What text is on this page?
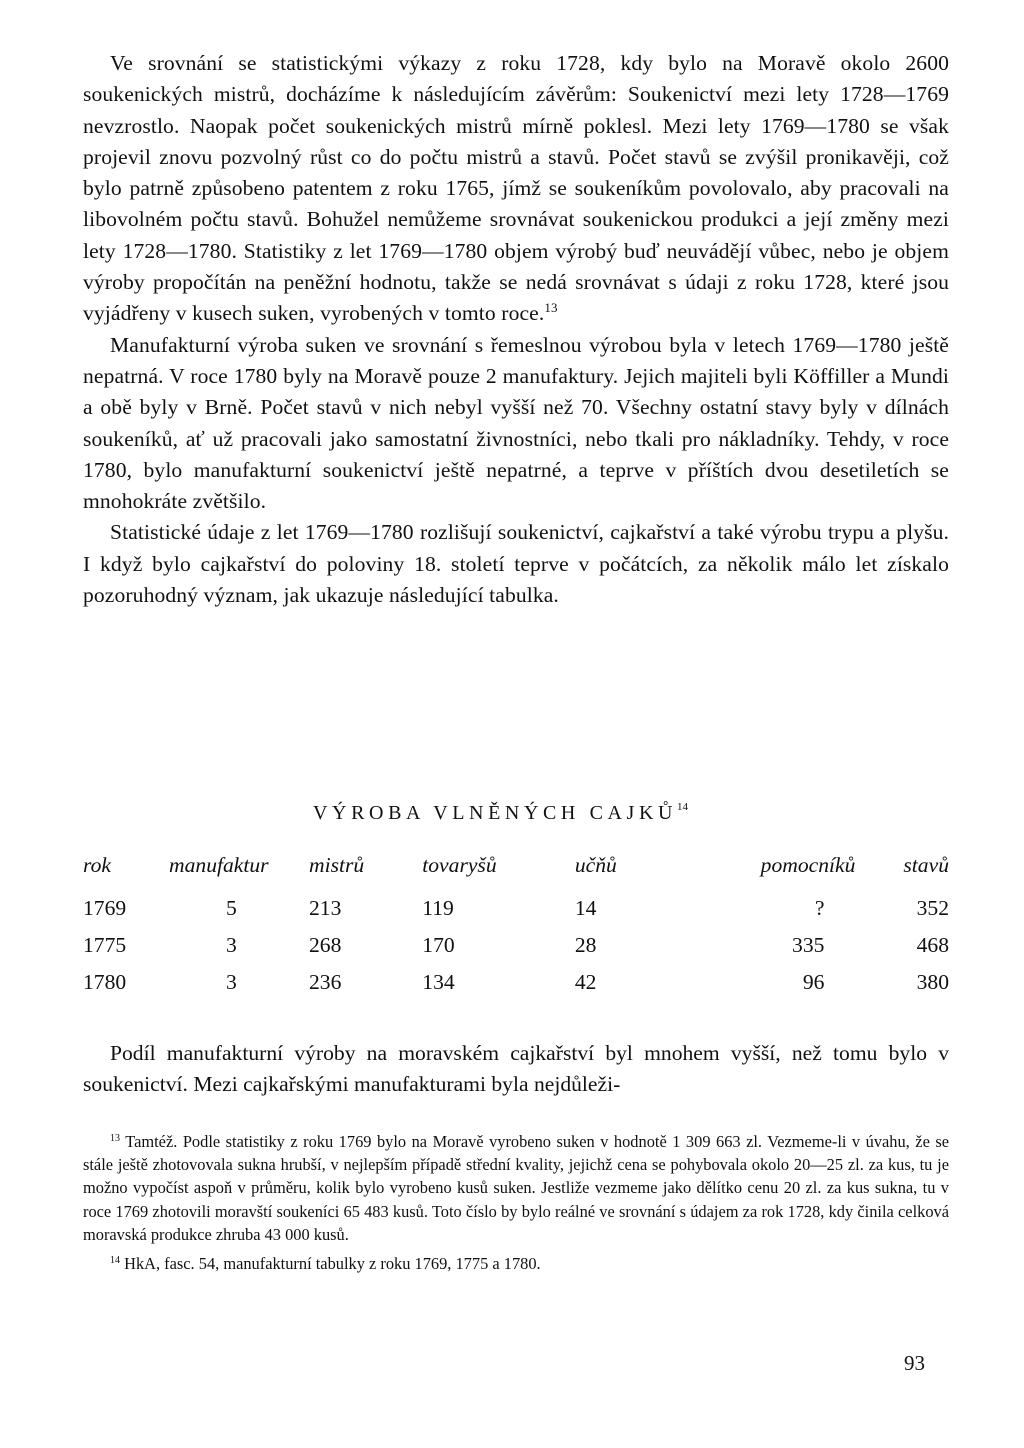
Ve srovnání se statistickými výkazy z roku 1728, kdy bylo na Moravě okolo 2600 soukenických mistrů, docházíme k následujícím závěrům: Soukenictví mezi lety 1728—1769 nevzrostlo. Naopak počet soukenických mistrů mírně poklesl. Mezi lety 1769—1780 se však projevil znovu pozvolný růst co do počtu mistrů a stavů. Počet stavů se zvýšil pronikavěji, což bylo patrně způsobeno patentem z roku 1765, jímž se soukeníkům povolovalo, aby pracovali na libovolném počtu stavů. Bohužel nemůžeme srovnávat soukenickou produkci a její změny mezi lety 1728—1780. Statistiky z let 1769—1780 objem výrobý buď neuvádějí vůbec, nebo je objem výroby propočítán na peněžní hodnotu, takže se nedá srovnávat s údaji z roku 1728, které jsou vyjádřeny v kusech suken, vyrobených v tomto roce.$^{13}$

Manufakturní výroba suken ve srovnání s řemeslnou výrobou byla v letech 1769—1780 ještě nepatrná. V roce 1780 byly na Moravě pouze 2 manufaktury. Jejich majiteli byli Köffiller a Mundi a obě byly v Brně. Počet stavů v nich nebyl vyšší než 70. Všechny ostatní stavy byly v dílnách soukeníků, ať už pracovali jako samostatní živnostníci, nebo tkali pro nákladníky. Tehdy, v roce 1780, bylo manufakturní soukenictví ještě nepatrné, a teprve v příštích dvou desetiletích se mnohokráte zvětšilo.

Statistické údaje z let 1769—1780 rozlišují soukenictví, cajkařství a také výrobu trypu a plyšu. I když bylo cajkařství do poloviny 18. století teprve v počátcích, za několik málo let získalo pozoruhodný význam, jak ukazuje následující tabulka.

VÝROBA VLNĚNÝCH CAJKŮ$^{14}$
rok	manufaktur	mistrů	tovaryšů	učňů	pomocníků	stavů
1769	5	213	119	14	?	352
1775	3	268	170	28	335	468
1780	3	236	134	42	96	380

Podíl manufakturní výroby na moravském cajkařství byl mnohem vyšší, než tomu bylo v soukenictví. Mezi cajkařskými manufakturami byla nejdůleži-

$^{13}$ Tamtéž. Podle statistiky z roku 1769 bylo na Moravě vyrobeno suken v hodnotě 1 309 663 zl. Vezmeme-li v úvahu, že se stále ještě zhotovovala sukna hrubší, v nejlepším případě střední kvality, jejichž cena se pohybovala okolo 20—25 zl. za kus, tu je možno vypočíst aspoň v průměru, kolik bylo vyrobeno kusů suken. Jestliže vezmeme jako dělítko cenu 20 zl. za kus sukna, tu v roce 1769 zhotovili moravští soukeníci 65 483 kusů. Toto číslo by bylo reálné ve srovnání s údajem za rok 1728, kdy činila celková moravská produkce zhruba 43 000 kusů.

$^{14}$ HkA, fasc. 54, manufakturní tabulky z roku 1769, 1775 a 1780.

93
